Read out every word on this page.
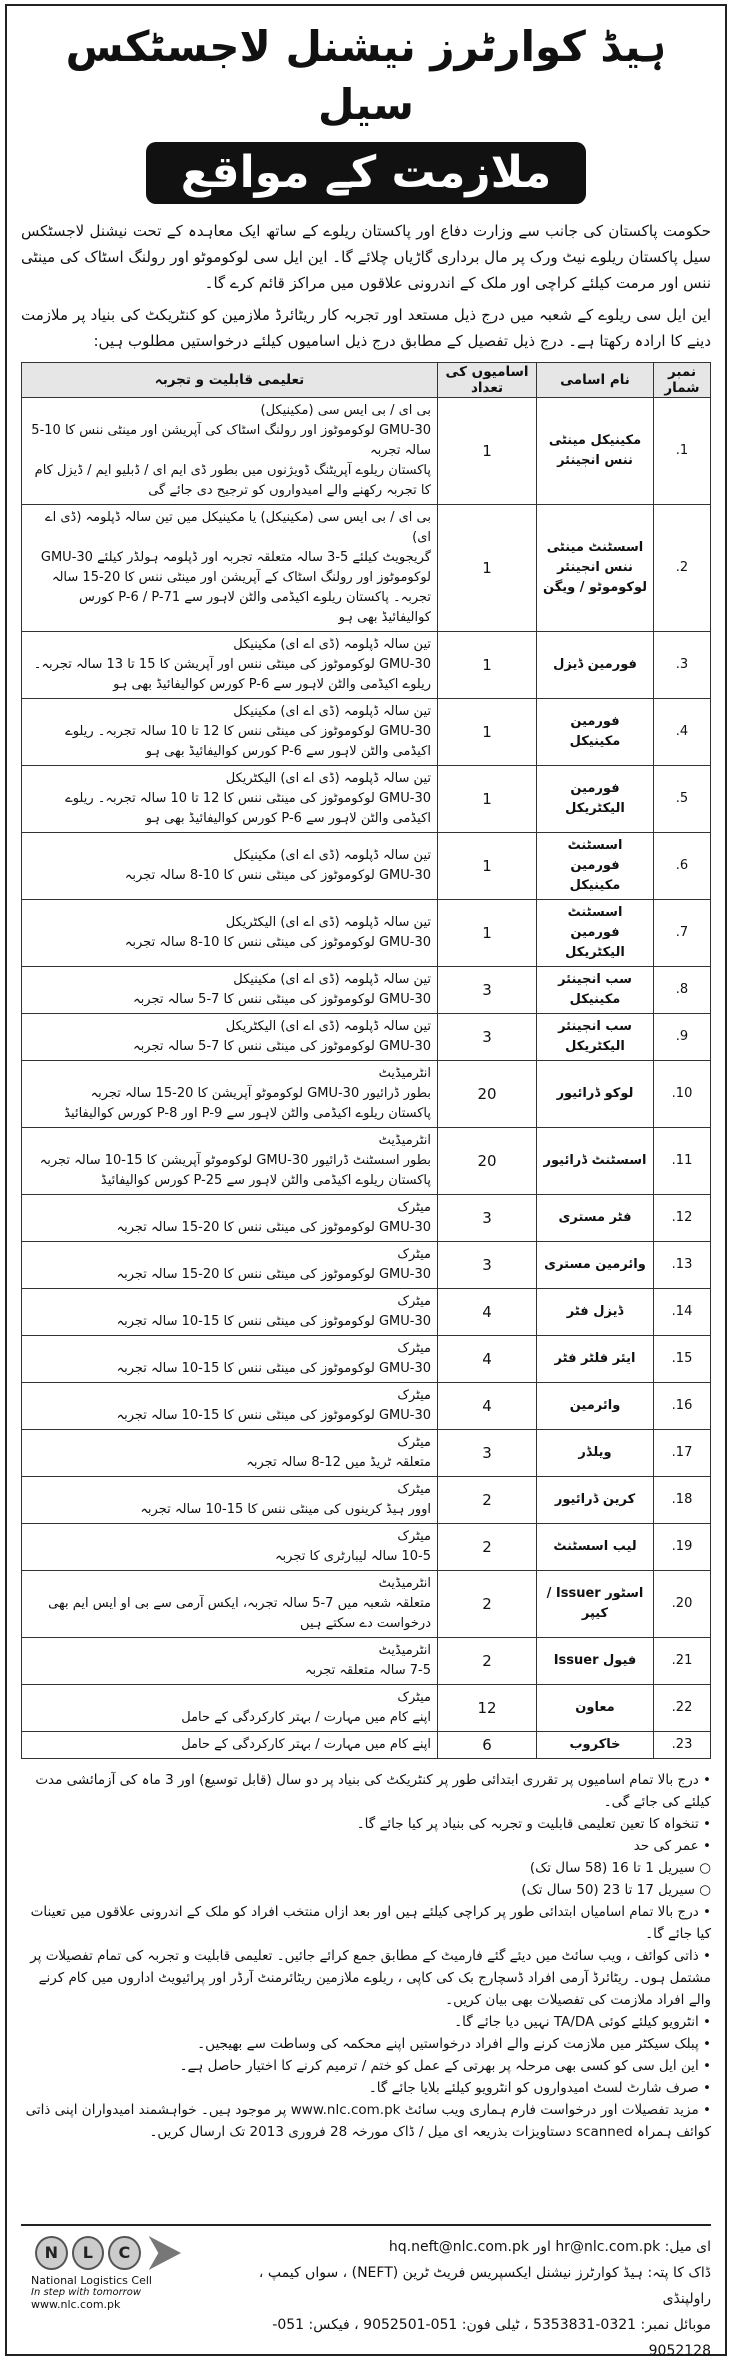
ہیڈ کوارٹرز نیشنل لاجسٹکس سیل
ملازمت کے مواقع

حکومت پاکستان کی جانب سے وزارت دفاع اور پاکستان ریلوے کے ساتھ ایک معاہدہ کے تحت نیشنل لاجسٹکس سیل پاکستان ریلوے نیٹ ورک پر مال برداری گاڑیاں چلائے گا۔ این ایل سی لوکوموٹو اور رولنگ اسٹاک کی مینٹی ننس اور مرمت کیلئے کراچی اور ملک کے اندرونی علاقوں میں مراکز قائم کرے گا۔

این ایل سی ریلوے کے شعبہ میں درج ذیل مستعد اور تجربہ کار ریٹائرڈ ملازمین کو کنٹریکٹ کی بنیاد پر ملازمت دینے کا ارادہ رکھتا ہے۔ درج ذیل تفصیل کے مطابق درج ذیل اسامیوں کیلئے درخواستیں مطلوب ہیں:

نمبر شمار	نام اسامی	اسامیوں کی تعداد	تعلیمی قابلیت و تجربہ
1.	مکینیکل مینٹی ننس انجینئر	1	بی ای / بی ایس سی (مکینیکل)
GMU-30 لوکوموٹوز اور رولنگ اسٹاک کی آپریشن اور مینٹی ننس کا 10-5 سالہ تجربہ
پاکستان ریلوے آپریٹنگ ڈویژنوں میں بطور ڈی ایم ای / ڈبلیو ایم / ڈیزل کام کا تجربہ رکھنے والے امیدواروں کو ترجیح دی جائے گی

2.	اسسٹنٹ مینٹی ننس انجینئر لوکوموٹو / ویگن	1	بی ای / بی ایس سی (مکینیکل) یا مکینیکل میں تین سالہ ڈپلومہ (ڈی اے ای)
گریجویٹ کیلئے 5-3 سالہ متعلقہ تجربہ اور ڈپلومہ ہولڈر کیلئے GMU-30 لوکوموٹوز اور رولنگ اسٹاک کے آپریشن اور مینٹی ننس کا 20-15 سالہ تجربہ۔ پاکستان ریلوے اکیڈمی والٹن لاہور سے P-6 / P-71 کورس کوالیفائیڈ بھی ہو

3.	فورمین ڈیزل	1	تین سالہ ڈپلومہ (ڈی اے ای) مکینیکل
GMU-30 لوکوموٹوز کی مینٹی ننس اور آپریشن کا 15 تا 13 سالہ تجربہ۔ ریلوے اکیڈمی والٹن لاہور سے P-6 کورس کوالیفائیڈ بھی ہو

4.	فورمین مکینیکل	1	تین سالہ ڈپلومہ (ڈی اے ای) مکینیکل
GMU-30 لوکوموٹوز کی مینٹی ننس کا 12 تا 10 سالہ تجربہ۔ ریلوے اکیڈمی والٹن لاہور سے P-6 کورس کوالیفائیڈ بھی ہو

5.	فورمین الیکٹریکل	1	تین سالہ ڈپلومہ (ڈی اے ای) الیکٹریکل
GMU-30 لوکوموٹوز کی مینٹی ننس کا 12 تا 10 سالہ تجربہ۔ ریلوے اکیڈمی والٹن لاہور سے P-6 کورس کوالیفائیڈ بھی ہو

6.	اسسٹنٹ فورمین مکینیکل	1	تین سالہ ڈپلومہ (ڈی اے ای) مکینیکل
GMU-30 لوکوموٹوز کی مینٹی ننس کا 10-8 سالہ تجربہ

7.	اسسٹنٹ فورمین الیکٹریکل	1	تین سالہ ڈپلومہ (ڈی اے ای) الیکٹریکل
GMU-30 لوکوموٹوز کی مینٹی ننس کا 10-8 سالہ تجربہ

8.	سب انجینئر مکینیکل	3	تین سالہ ڈپلومہ (ڈی اے ای) مکینیکل
GMU-30 لوکوموٹوز کی مینٹی ننس کا 7-5 سالہ تجربہ

9.	سب انجینئر الیکٹریکل	3	تین سالہ ڈپلومہ (ڈی اے ای) الیکٹریکل
GMU-30 لوکوموٹوز کی مینٹی ننس کا 7-5 سالہ تجربہ

10.	لوکو ڈرائیور	20	انٹرمیڈیٹ
بطور ڈرائیور GMU-30 لوکوموٹو آپریشن کا 20-15 سالہ تجربہ
پاکستان ریلوے اکیڈمی والٹن لاہور سے P-9 اور P-8 کورس کوالیفائیڈ

11.	اسسٹنٹ ڈرائیور	20	انٹرمیڈیٹ
بطور اسسٹنٹ ڈرائیور GMU-30 لوکوموٹو آپریشن کا 15-10 سالہ تجربہ
پاکستان ریلوے اکیڈمی والٹن لاہور سے P-25 کورس کوالیفائیڈ

12.	فٹر مستری	3	میٹرک
GMU-30 لوکوموٹوز کی مینٹی ننس کا 20-15 سالہ تجربہ

13.	وائرمین مستری	3	میٹرک
GMU-30 لوکوموٹوز کی مینٹی ننس کا 20-15 سالہ تجربہ

14.	ڈیزل فٹر	4	میٹرک
GMU-30 لوکوموٹوز کی مینٹی ننس کا 15-10 سالہ تجربہ

15.	ایئر فلٹر فٹر	4	میٹرک
GMU-30 لوکوموٹوز کی مینٹی ننس کا 15-10 سالہ تجربہ

16.	وائرمین	4	میٹرک
GMU-30 لوکوموٹوز کی مینٹی ننس کا 15-10 سالہ تجربہ

17.	ویلڈر	3	میٹرک
متعلقہ ٹریڈ میں 12-8 سالہ تجربہ

18.	کرین ڈرائیور	2	میٹرک
اوور ہیڈ کرینوں کی مینٹی ننس کا 15-10 سالہ تجربہ

19.	لیب اسسٹنٹ	2	میٹرک
10-5 سالہ لیبارٹری کا تجربہ

20.	اسٹور Issuer / کیپر	2	انٹرمیڈیٹ
متعلقہ شعبہ میں 7-5 سالہ تجربہ، ایکس آرمی سے بی او ایس ایم بھی درخواست دے سکتے ہیں

21.	فیول Issuer	2	انٹرمیڈیٹ
7-5 سالہ متعلقہ تجربہ

22.	معاون	12	میٹرک
اپنے کام میں مہارت / بہتر کارکردگی کے حامل

23.	خاکروب	6	اپنے کام میں مہارت / بہتر کارکردگی کے حامل
• درج بالا تمام اسامیوں پر تقرری ابتدائی طور پر کنٹریکٹ کی بنیاد پر دو سال (قابل توسیع) اور 3 ماہ کی آزمائشی مدت کیلئے کی جائے گی۔
• تنخواہ کا تعین تعلیمی قابلیت و تجربہ کی بنیاد پر کیا جائے گا۔
• عمر کی حد
○ سیریل 1 تا 16 (58 سال تک)
○ سیریل 17 تا 23 (50 سال تک)
• درج بالا تمام اسامیاں ابتدائی طور پر کراچی کیلئے ہیں اور بعد ازاں منتخب افراد کو ملک کے اندرونی علاقوں میں تعینات کیا جائے گا۔
• ذاتی کوائف ، ویب سائٹ میں دیئے گئے فارمیٹ کے مطابق جمع کرائے جائیں۔ تعلیمی قابلیت و تجربہ کی تمام تفصیلات پر مشتمل ہوں۔ ریٹائرڈ آرمی افراد ڈسچارج بک کی کاپی ، ریلوے ملازمین ریٹائرمنٹ آرڈر اور پرائیویٹ اداروں میں کام کرنے والے افراد ملازمت کی تفصیلات بھی بیان کریں۔
• انٹرویو کیلئے کوئی TA/DA نہیں دیا جائے گا۔
• پبلک سیکٹر میں ملازمت کرنے والے افراد درخواستیں اپنے محکمہ کی وساطت سے بھیجیں۔
• این ایل سی کو کسی بھی مرحلہ پر بھرتی کے عمل کو ختم / ترمیم کرنے کا اختیار حاصل ہے۔
• صرف شارٹ لسٹ امیدواروں کو انٹرویو کیلئے بلایا جائے گا۔
• مزید تفصیلات اور درخواست فارم ہماری ویب سائٹ www.nlc.com.pk پر موجود ہیں۔ خواہشمند امیدواران اپنی ذاتی کوائف ہمراہ scanned دستاویزات بذریعہ ای میل / ڈاک مورخہ 28 فروری 2013 تک ارسال کریں۔
ای میل: hr@nlc.com.pk اور hq.neft@nlc.com.pk
ڈاک کا پتہ: ہیڈ کوارٹرز نیشنل ایکسپریس فریٹ ٹرین (NEFT) ، سواں کیمپ ، راولپنڈی
موبائل نمبر: 0321-5353831 ، ٹیلی فون: 051-9052501 ، فیکس: 051-9052128
N	L	C
National Logistics Cell
In step with tomorrow
www.nlc.com.pk
